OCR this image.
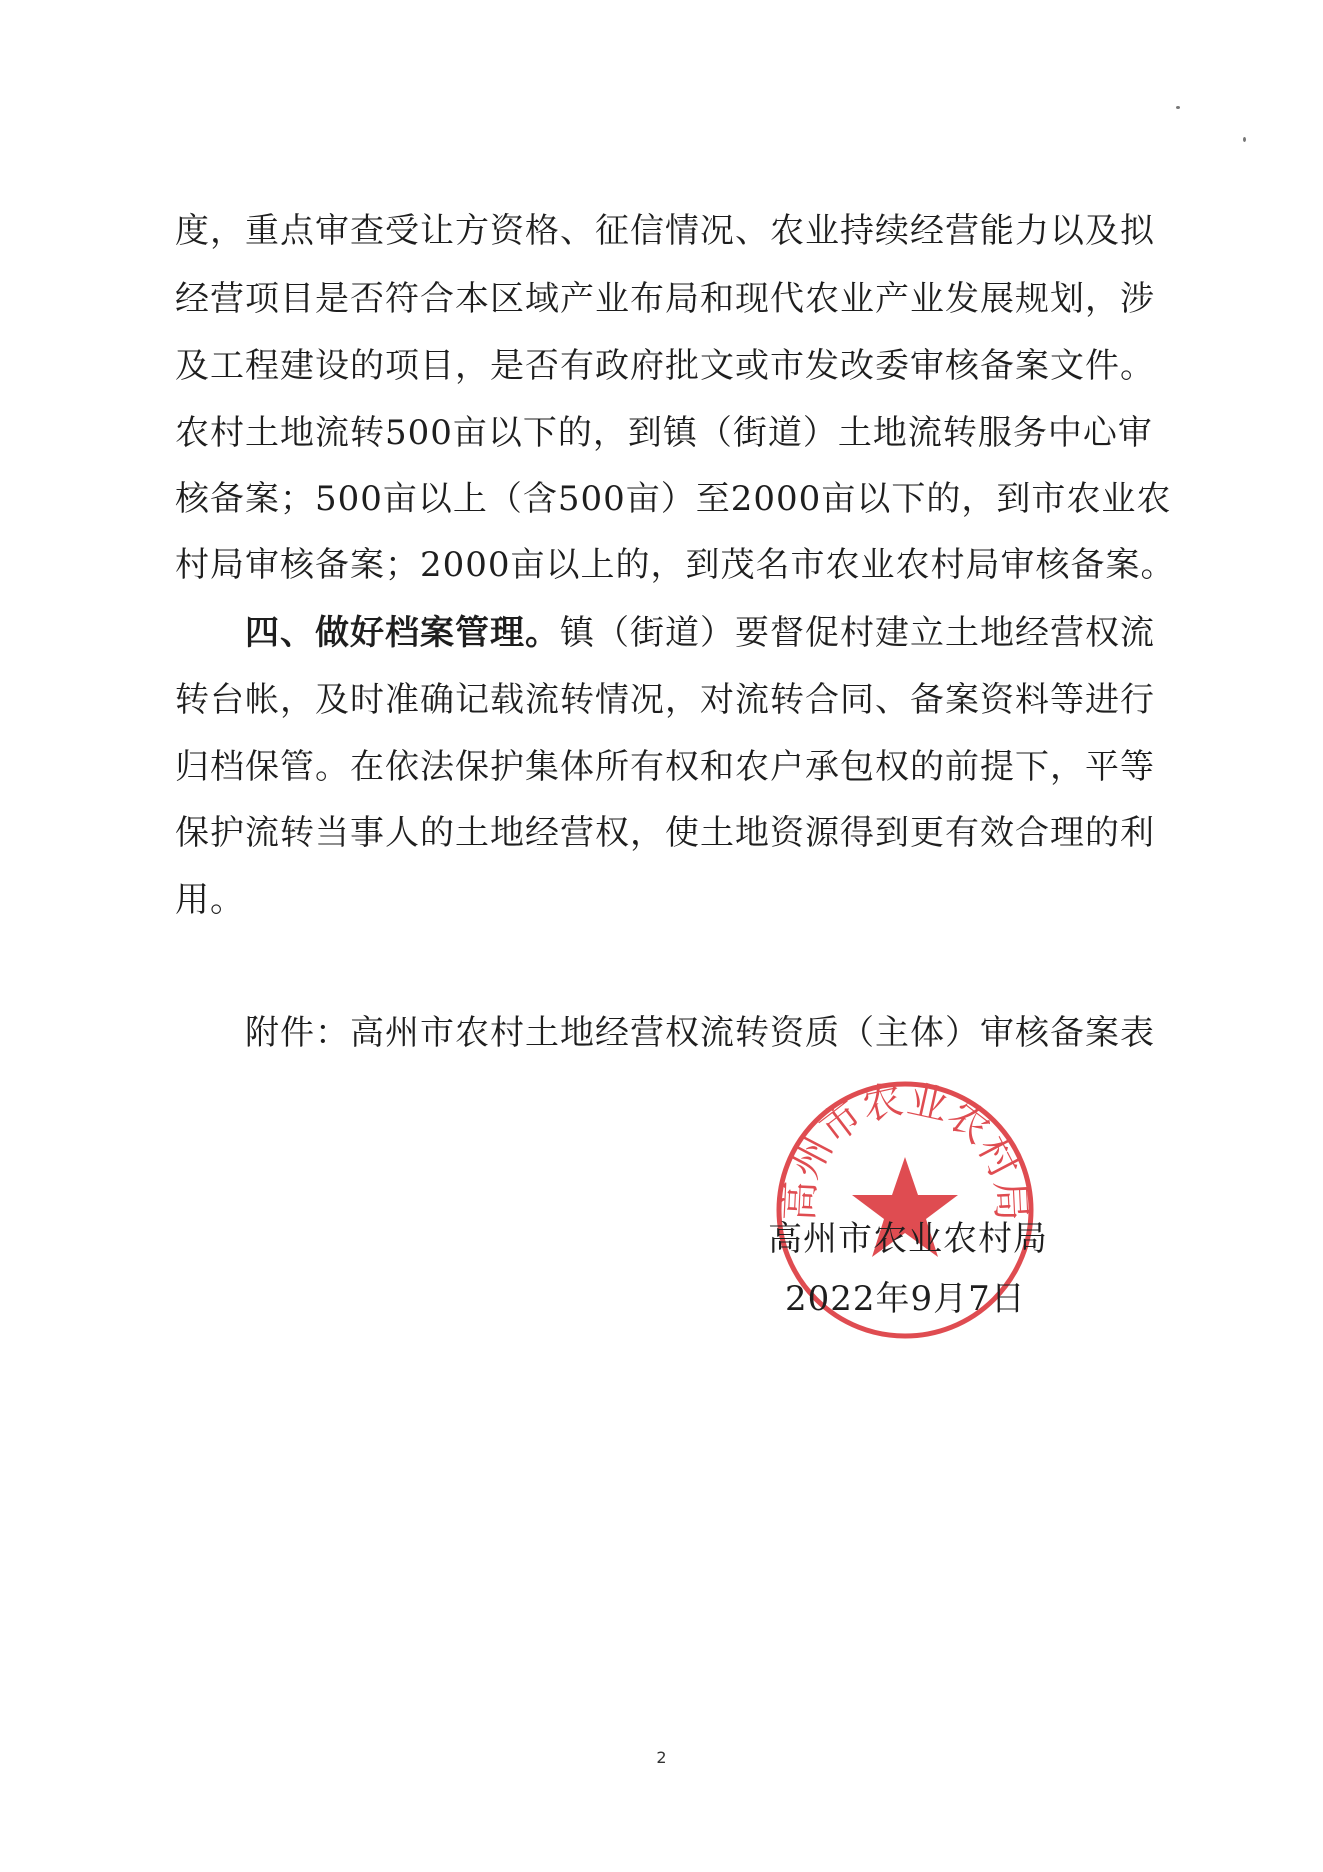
度，重点审查受让方资格、征信情况、农业持续经营能力以及拟
经营项目是否符合本区域产业布局和现代农业产业发展规划，涉
及工程建设的项目，是否有政府批文或市发改委审核备案文件。
农村土地流转500亩以下的，到镇（街道）土地流转服务中心审
核备案；500亩以上（含500亩）至2000亩以下的，到市农业农
村局审核备案；2000亩以上的，到茂名市农业农村局审核备案。
四、做好档案管理。镇（街道）要督促村建立土地经营权流
转台帐，及时准确记载流转情况，对流转合同、备案资料等进行
归档保管。在依法保护集体所有权和农户承包权的前提下，平等
保护流转当事人的土地经营权，使土地资源得到更有效合理的利
用。
附件：高州市农村土地经营权流转资质（主体）审核备案表
高州市农业农村局
高州市农业农村局
2022年9月7日
2
